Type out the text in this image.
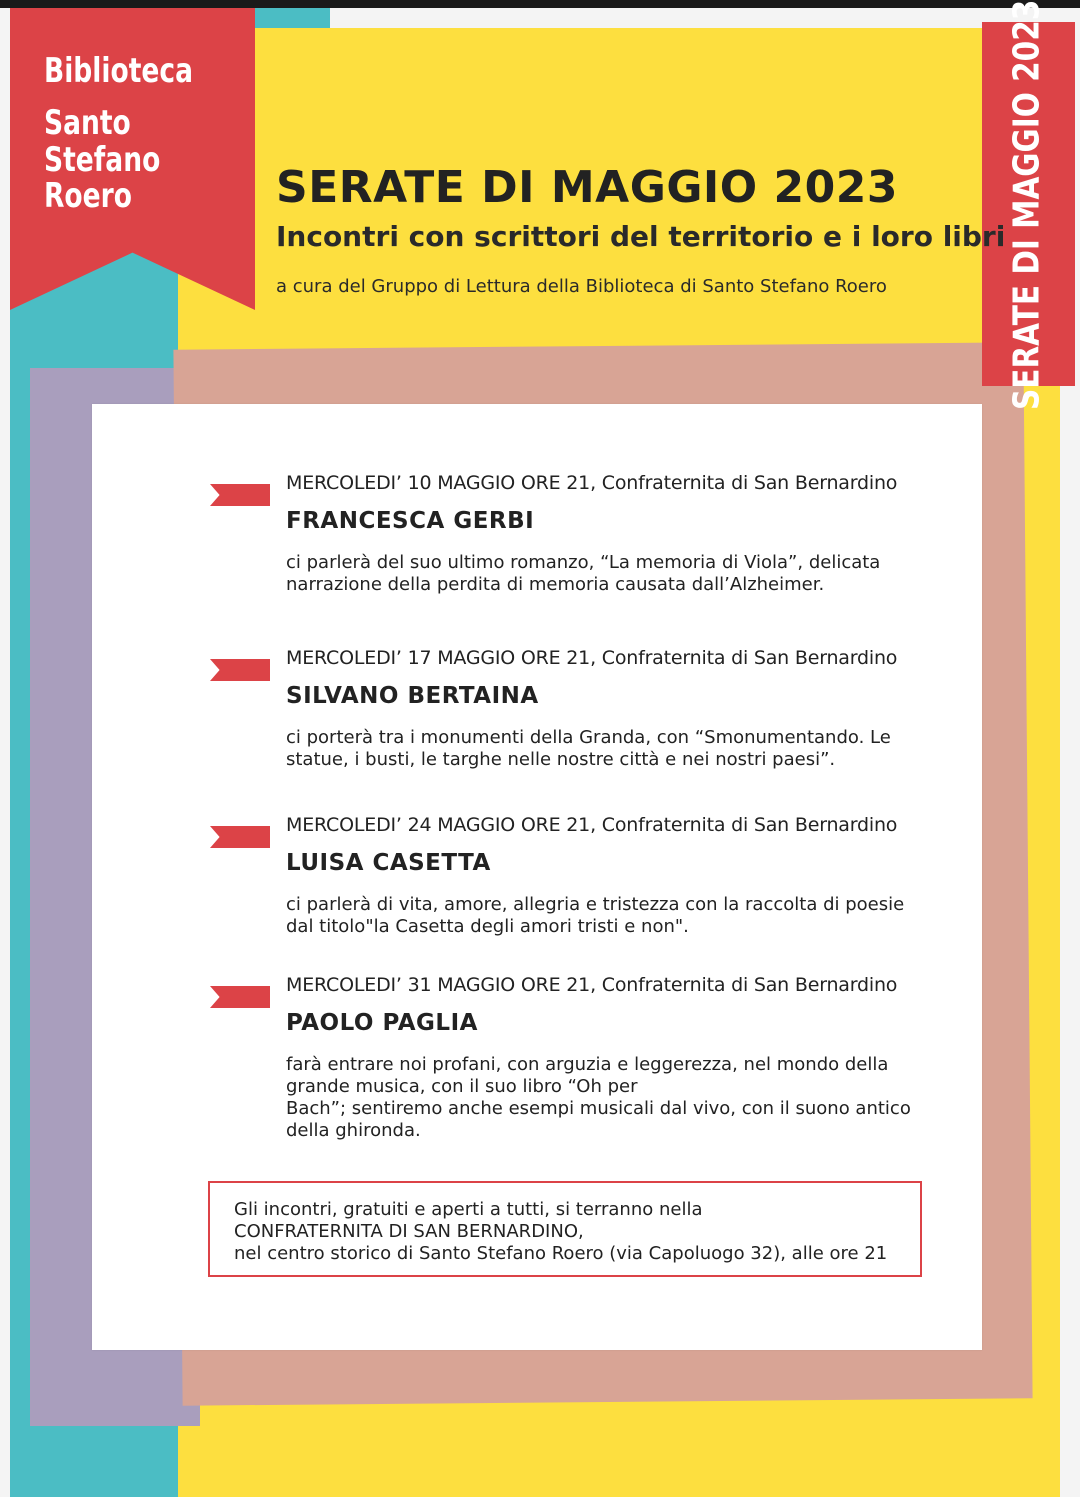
Biblioteca
Santo
Stefano
Roero	SERATE DI MAGGIO 2023
SERATE DI MAGGIO 2023
Incontri con scrittori del territorio e i loro libri
a cura del Gruppo di Lettura della Biblioteca di Santo Stefano Roero
MERCOLEDI’ 10 MAGGIO ORE 21, Confraternita di San Bernardino
FRANCESCA GERBI
ci parlerà del suo ultimo romanzo, “La memoria di Viola”, delicata
narrazione della perdita di memoria causata dall’Alzheimer.
MERCOLEDI’ 17 MAGGIO ORE 21, Confraternita di San Bernardino
SILVANO BERTAINA
ci porterà tra i monumenti della Granda, con “Smonumentando. Le
statue, i busti, le targhe nelle nostre città e nei nostri paesi”.
MERCOLEDI’ 24 MAGGIO ORE 21, Confraternita di San Bernardino
LUISA CASETTA
ci parlerà di vita, amore, allegria e tristezza con la raccolta di poesie
dal titolo"la Casetta degli amori tristi e non".
MERCOLEDI’ 31 MAGGIO ORE 21, Confraternita di San Bernardino
PAOLO PAGLIA
farà entrare noi profani, con arguzia e leggerezza, nel mondo della
grande musica, con il suo libro “Oh per
Bach”; sentiremo anche esempi musicali dal vivo, con il suono antico
della ghironda.
Gli incontri, gratuiti e aperti a tutti, si terranno nella
CONFRATERNITA DI SAN BERNARDINO,
nel centro storico di Santo Stefano Roero (via Capoluogo 32), alle ore 21
